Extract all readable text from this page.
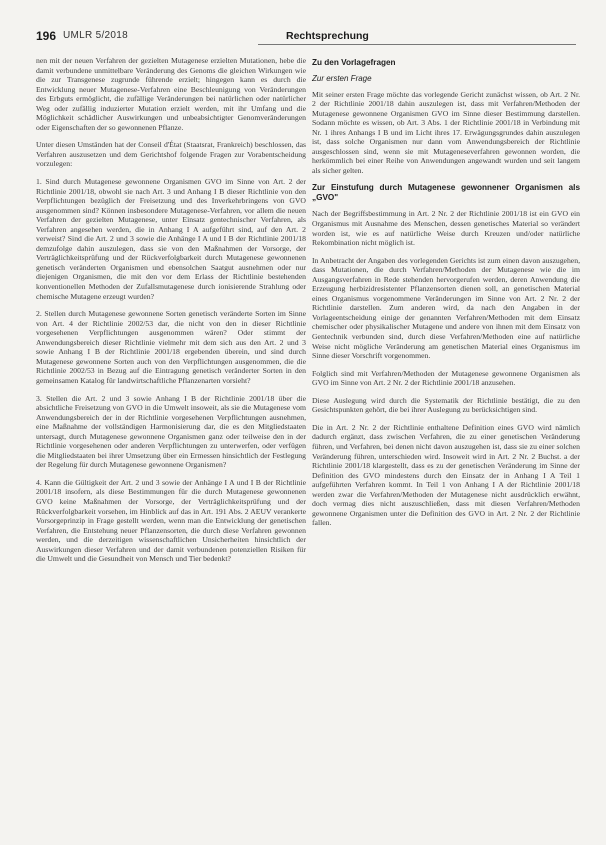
196 UMLR 5/2018	Rechtsprechung

nen mit der neuen Verfahren der gezielten Mutagenese erzielten Mutationen, hebe die damit verbundene unmittelbare Veränderung des Genoms die gleichen Wirkungen wie die zur Transgenese zugrunde führende erzielt; hingegen kann es durch die Entwicklung neuer Mutagenese-Verfahren eine Beschleunigung von Veränderungen des Erbguts ermöglicht, die zufällige Veränderungen bei natürlichen oder natürlicher Weg oder zufällig induzierter Mutation erzielt werden, mit ihr Umfang und die Möglichkeit schädlicher Auswirkungen und unbeabsichtigter Genomveränderungen oder Eigenschaften der so gewonnenen Pflanze.

Unter diesen Umständen hat der Conseil d'État (Staatsrat, Frankreich) beschlossen, das Verfahren auszusetzen und dem Gerichtshof folgende Fragen zur Vorabentscheidung vorzulegen:

1. Sind durch Mutagenese gewonnene Organismen GVO im Sinne von Art. 2 der Richtlinie 2001/18, obwohl sie nach Art. 3 und Anhang I B dieser Richtlinie von den Verpflichtungen bezüglich der Freisetzung und des Inverkehrbringens von GVO ausgenommen sind? Können insbesondere Mutagenese-Verfahren, vor allem die neuen Verfahren der gezielten Mutagenese, unter Einsatz gentechnischer Verfahren, als Verfahren angesehen werden, die in Anhang I A aufgeführt sind, auf den Art. 2 verweist? Sind die Art. 2 und 3 sowie die Anhänge I A und I B der Richtlinie 2001/18 demzufolge dahin auszulegen, dass sie von den Maßnahmen der Vorsorge, der Verträglichkeitsprüfung und der Rückverfolgbarkeit durch Mutagenese gewonnenen genetisch veränderten Organismen und ebensolchen Saatgut ausnehmen oder nur diejenigen Organismen, die mit den vor dem Erlass der Richtlinie bestehenden konventionellen Methoden der Zufallsmutagenese durch ionisierende Strahlung oder chemische Mutagene erzeugt wurden?

2. Stellen durch Mutagenese gewonnene Sorten genetisch veränderte Sorten im Sinne von Art. 4 der Richtlinie 2002/53 dar, die nicht von den in dieser Richtlinie vorgesehenen Verpflichtungen ausgenommen wären? Oder stimmt der Anwendungsbereich dieser Richtlinie vielmehr mit dem sich aus den Art. 2 und 3 sowie Anhang I B der Richtlinie 2001/18 ergebenden überein, und sind durch Mutagenese gewonnene Sorten auch von den Verpflichtungen ausgenommen, die die Richtlinie 2002/53 in Bezug auf die Eintragung genetisch veränderter Sorten in den gemeinsamen Katalog für landwirtschaftliche Pflanzenarten vorsieht?

3. Stellen die Art. 2 und 3 sowie Anhang I B der Richtlinie 2001/18 über die absichtliche Freisetzung von GVO in die Umwelt insoweit, als sie die Mutagenese vom Anwendungsbereich der in der Richtlinie vorgesehenen Verpflichtungen ausnehmen, eine Maßnahme der vollständigen Harmonisierung dar, die es den Mitgliedstaaten untersagt, durch Mutagenese gewonnene Organismen ganz oder teilweise den in der Richtlinie vorgesehenen oder anderen Verpflichtungen zu unterwerfen, oder verfügen die Mitgliedstaaten bei ihrer Umsetzung über ein Ermessen hinsichtlich der Festlegung der Regelung für durch Mutagenese gewonnene Organismen?

4. Kann die Gültigkeit der Art. 2 und 3 sowie der Anhänge I A und I B der Richtlinie 2001/18 insofern, als diese Bestimmungen für die durch Mutagenese gewonnenen GVO keine Maßnahmen der Vorsorge, der Verträglichkeitsprüfung und der Rückverfolgbarkeit vorsehen, im Hinblick auf das in Art. 191 Abs. 2 AEUV verankerte Vorsorgeprinzip in Frage gestellt werden, wenn man die Entwicklung der genetischen Verfahren, die Entstehung neuer Pflanzensorten, die durch diese Verfahren gewonnen werden, und die derzeitigen wissenschaftlichen Unsicherheiten hinsichtlich der Auswirkungen dieser Verfahren und der damit verbundenen potenziellen Risiken für die Umwelt und die Gesundheit von Mensch und Tier bedenkt?

Zu den Vorlagefragen
Zur ersten Frage

Mit seiner ersten Frage möchte das vorlegende Gericht zunächst wissen, ob Art. 2 Nr. 2 der Richtlinie 2001/18 dahin auszulegen ist, dass mit Verfahren/Methoden der Mutagenese gewonnene Organismen GVO im Sinne dieser Bestimmung darstellen. Sodann möchte es wissen, ob Art. 3 Abs. 1 der Richtlinie 2001/18 in Verbindung mit Nr. 1 ihres Anhangs I B und im Licht ihres 17. Erwägungsgrundes dahin auszulegen ist, dass solche Organismen nur dann vom Anwendungsbereich der Richtlinie ausgeschlossen sind, wenn sie mit Mutageneseverfahren gewonnen worden, die herkömmlich bei einer Reihe von Anwendungen angewandt wurden und seit langem als sicher gelten.

Zur Einstufung durch Mutagenese gewonnener Organismen als „GVO"

Nach der Begriffsbestimmung in Art. 2 Nr. 2 der Richtlinie 2001/18 ist ein GVO ein Organismus mit Ausnahme des Menschen, dessen genetisches Material so verändert worden ist, wie es auf natürliche Weise durch Kreuzen und/oder natürliche Rekombination nicht möglich ist.

In Anbetracht der Angaben des vorlegenden Gerichts ist zum einen davon auszugehen, dass Mutationen, die durch Verfahren/Methoden der Mutagenese wie die im Ausgangsverfahren in Rede stehenden hervorgerufen werden, deren Anwendung die Erzeugung herbizidresistenter Pflanzensorten dienen soll, an genetischen Material eines Organismus vorgenommene Veränderungen im Sinne von Art. 2 Nr. 2 der Richtlinie darstellen. Zum anderen wird, da nach den Angaben in der Vorlageentscheidung einige der genannten Verfahren/Methoden mit dem Einsatz chemischer oder physikalischer Mutagene und andere von ihnen mit dem Einsatz von Gentechnik verbunden sind, durch diese Verfahren/Methoden eine auf natürliche Weise nicht mögliche Veränderung am genetischen Material eines Organismus im Sinne dieser Vorschrift vorgenommen.

Folglich sind mit Verfahren/Methoden der Mutagenese gewonnene Organismen als GVO im Sinne von Art. 2 Nr. 2 der Richtlinie 2001/18 anzusehen.

Diese Auslegung wird durch die Systematik der Richtlinie bestätigt, die zu den Gesichtspunkten gehört, die bei ihrer Auslegung zu berücksichtigen sind.

Die in Art. 2 Nr. 2 der Richtlinie enthaltene Definition eines GVO wird nämlich dadurch ergänzt, dass zwischen Verfahren, die zu einer genetischen Veränderung führen, und Verfahren, bei denen nicht davon auszugehen ist, dass sie zu einer solchen Veränderung führen, unterschieden wird. Insoweit wird in Art. 2 Nr. 2 Buchst. a der Richtlinie 2001/18 klargestellt, dass es zu der genetischen Veränderung im Sinne der Definition des GVO mindestens durch den Einsatz der in Anhang I A Teil 1 aufgeführten Verfahren kommt. In Teil 1 von Anhang I A der Richtlinie 2001/18 werden zwar die Verfahren/Methoden der Mutagenese nicht ausdrücklich erwähnt, doch vermag dies nicht auszuschließen, dass mit diesen Verfahren/Methoden gewonnene Organismen unter die Definition des GVO in Art. 2 Nr. 2 der Richtlinie fallen.
